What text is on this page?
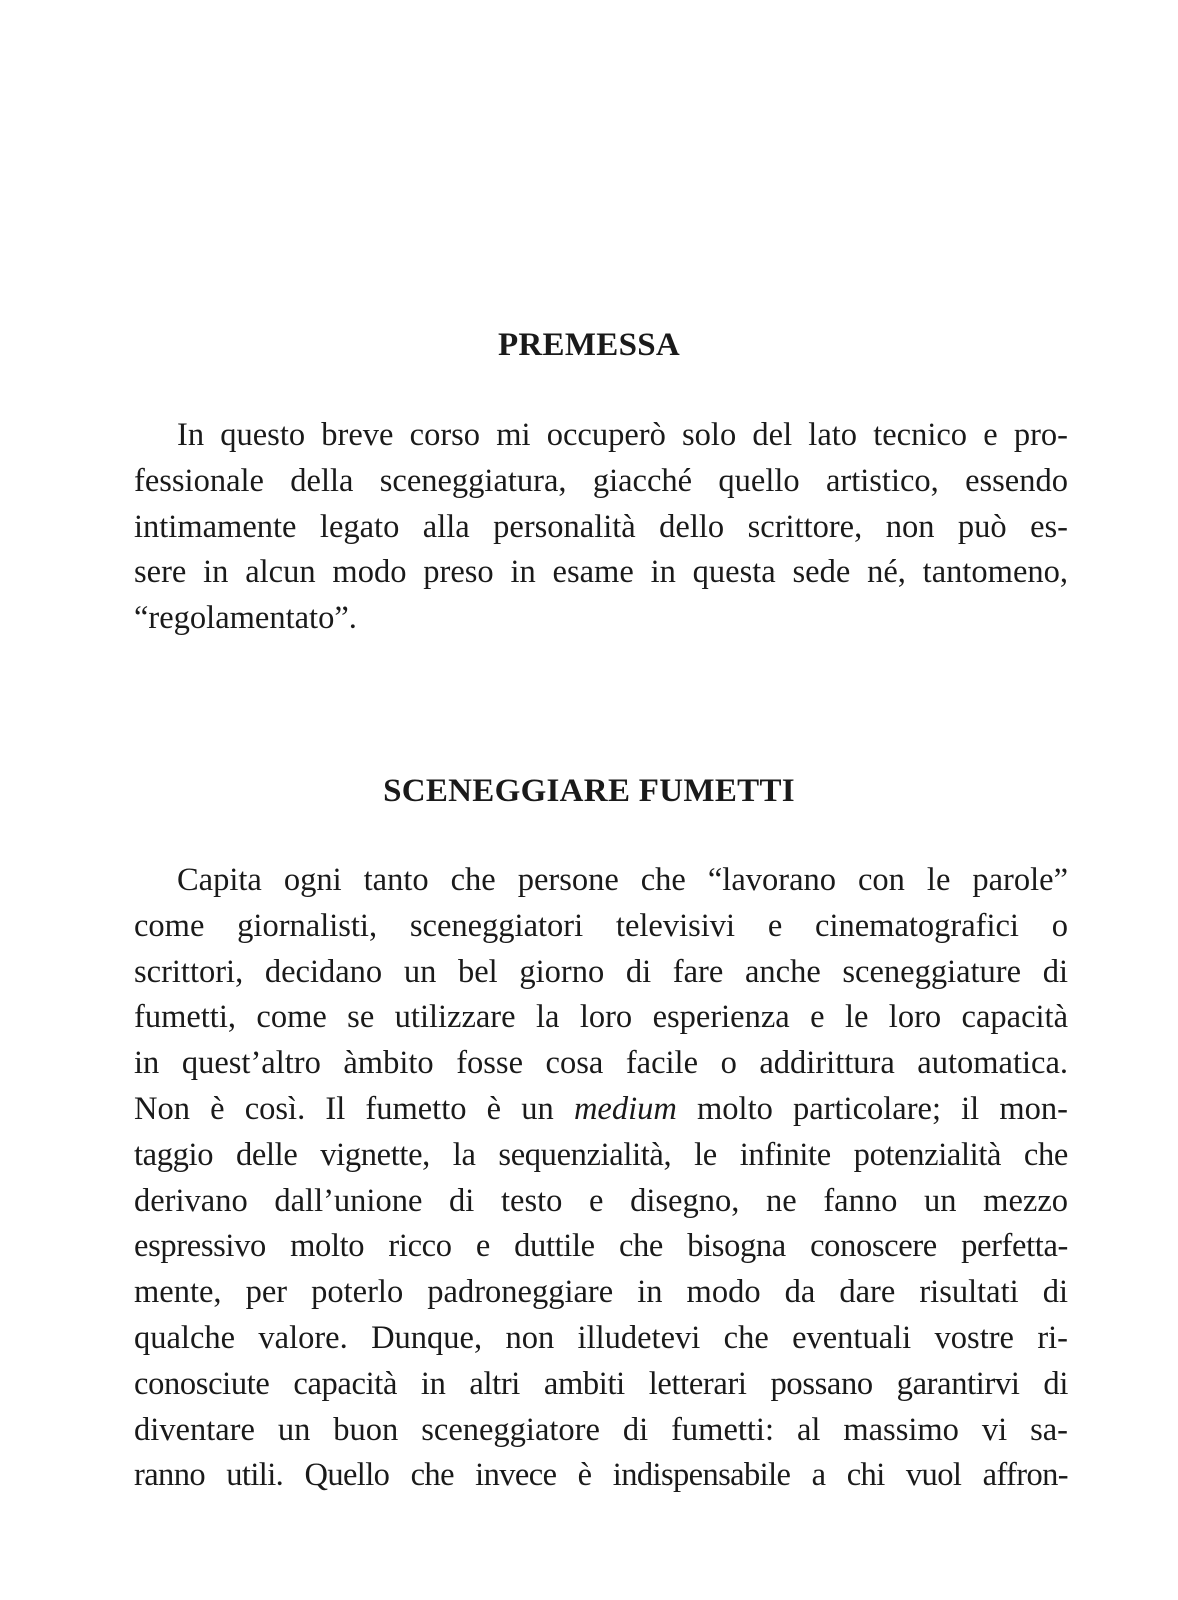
PREMESSA
In questo breve corso mi occuperò solo del lato tecnico e pro-
fessionale della sceneggiatura, giacché quello artistico, essendo
intimamente legato alla personalità dello scrittore, non può es-
sere in alcun modo preso in esame in questa sede né, tantomeno,
“regolamentato”.
SCENEGGIARE FUMETTI
Capita ogni tanto che persone che “lavorano con le parole”
come giornalisti, sceneggiatori televisivi e cinematografici o
scrittori, decidano un bel giorno di fare anche sceneggiature di
fumetti, come se utilizzare la loro esperienza e le loro capacità
in quest’altro àmbito fosse cosa facile o addirittura automatica.
Non è così. Il fumetto è un medium molto particolare; il mon-
taggio delle vignette, la sequenzialità, le infinite potenzialità che
derivano dall’unione di testo e disegno, ne fanno un mezzo
espressivo molto ricco e duttile che bisogna conoscere perfetta-
mente, per poterlo padroneggiare in modo da dare risultati di
qualche valore. Dunque, non illudetevi che eventuali vostre ri-
conosciute capacità in altri ambiti letterari possano garantirvi di
diventare un buon sceneggiatore di fumetti: al massimo vi sa-
ranno utili. Quello che invece è indispensabile a chi vuol affron-
